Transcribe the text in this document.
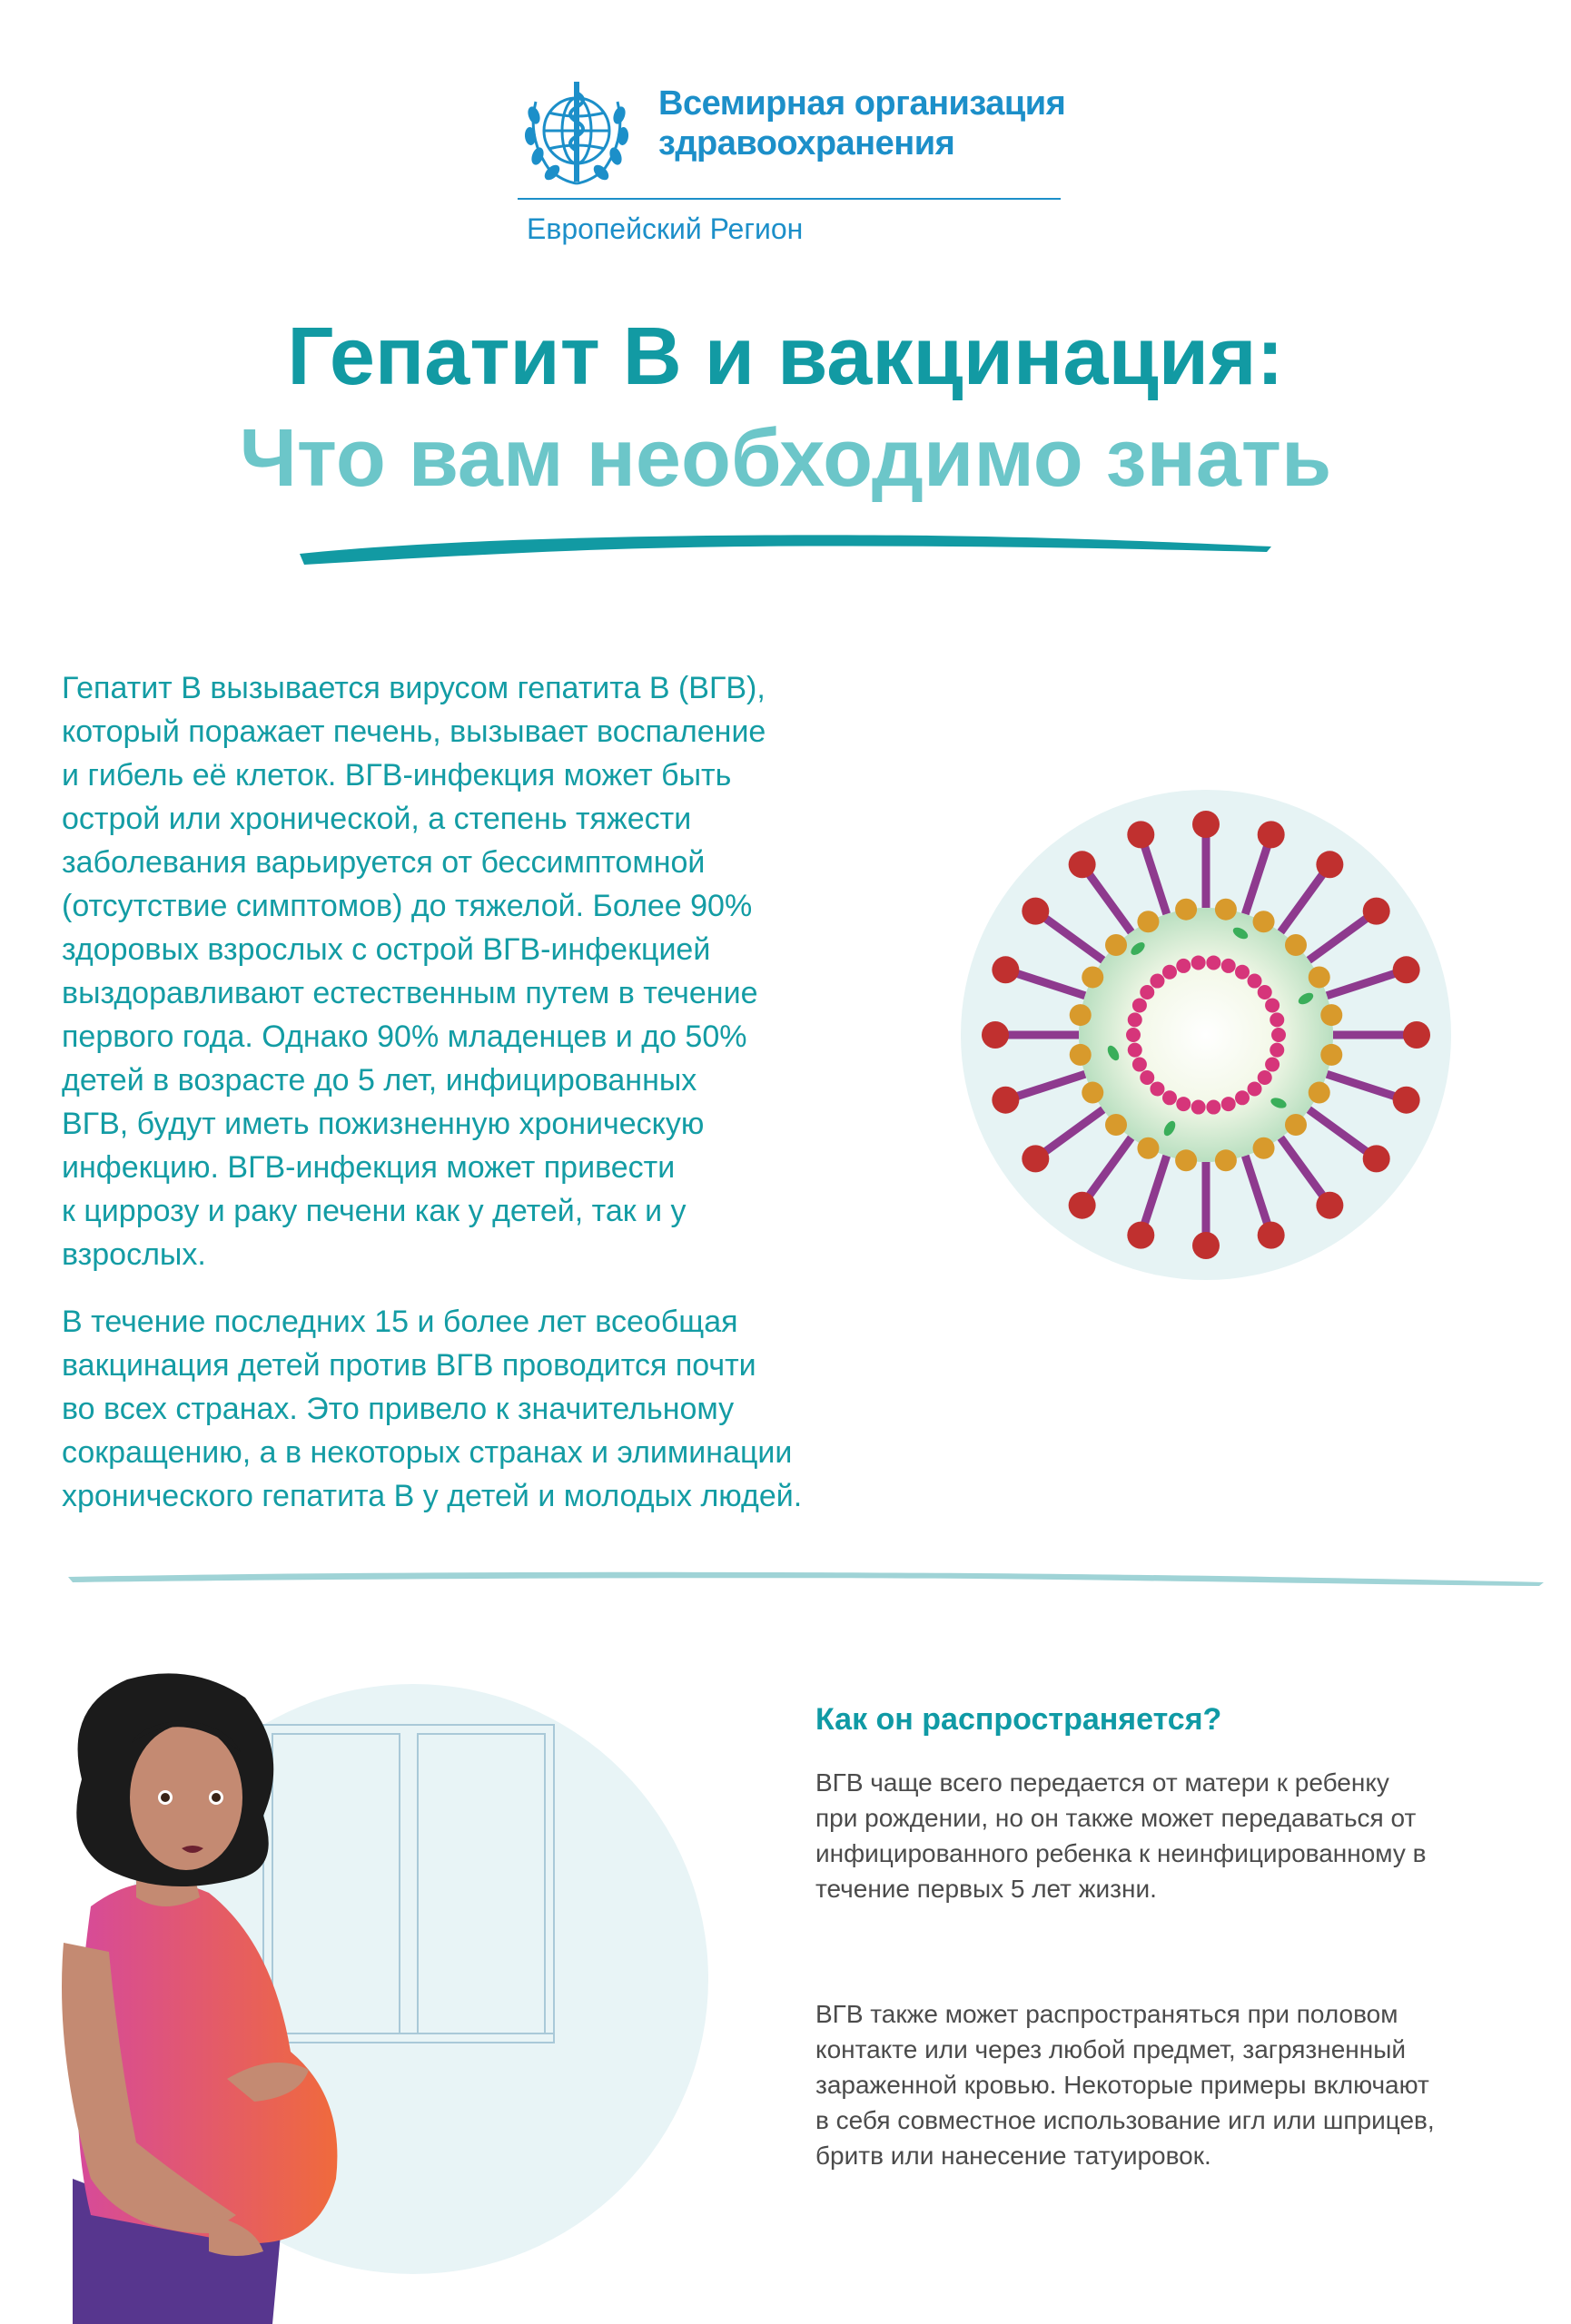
Всемирная организация
здравоохранения
Европейский Регион
Гепатит В и вакцинация:
Что вам необходимо знать
Гепатит B вызывается вирусом гепатита B (ВГВ),
который поражает печень, вызывает воспаление
и гибель её клеток. ВГВ-инфекция может быть
острой или хронической, а степень тяжести
заболевания варьируется от бессимптомной
(отсутствие симптомов) до тяжелой. Более 90%
здоровых взрослых с острой ВГВ-инфекцией
выздоравливают естественным путем в течение
первого года. Однако 90% младенцев и до 50%
детей в возрасте до 5 лет, инфицированных
ВГВ, будут иметь пожизненную хроническую
инфекцию. ВГВ-инфекция может привести
к циррозу и раку печени как у детей, так и у
взрослых.
В течение последних 15 и более лет всеобщая
вакцинация детей против ВГВ проводится почти
во всех странах. Это привело к значительному
сокращению, а в некоторых странах и элиминации
хронического гепатита B у детей и молодых людей.
Как он распространяется?
ВГВ чаще всего передается от матери к ребенку
при рождении, но он также может передаваться от
инфицированного ребенка к неинфицированному в
течение первых 5 лет жизни.
ВГВ также может распространяться при половом
контакте или через любой предмет, загрязненный
зараженной кровью. Некоторые примеры включают
в себя совместное использование игл или шприцев,
бритв или нанесение татуировок.
